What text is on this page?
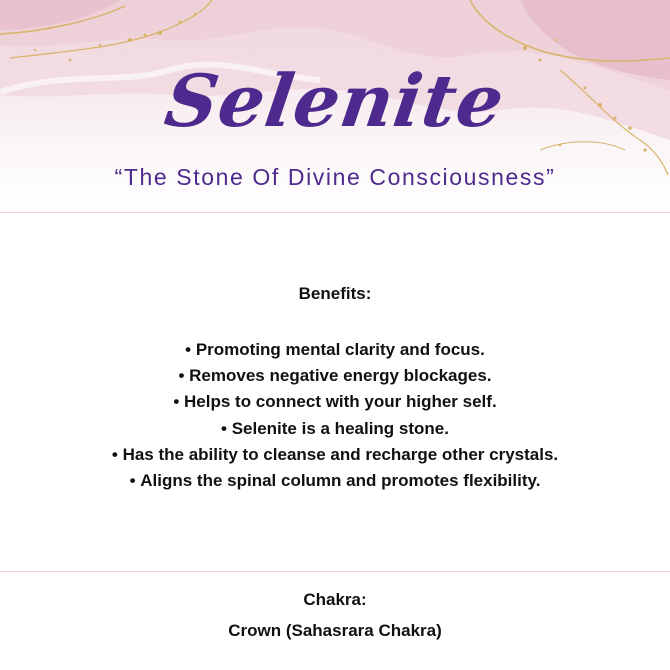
Selenite
“The Stone Of Divine Consciousness”
Benefits:
• Promoting mental clarity and focus.
• Removes negative energy blockages.
• Helps to connect with your higher self.
• Selenite is a healing stone.
• Has the ability to cleanse and recharge other crystals.
• Aligns the spinal column and promotes flexibility.
Chakra:
Crown (Sahasrara Chakra)
